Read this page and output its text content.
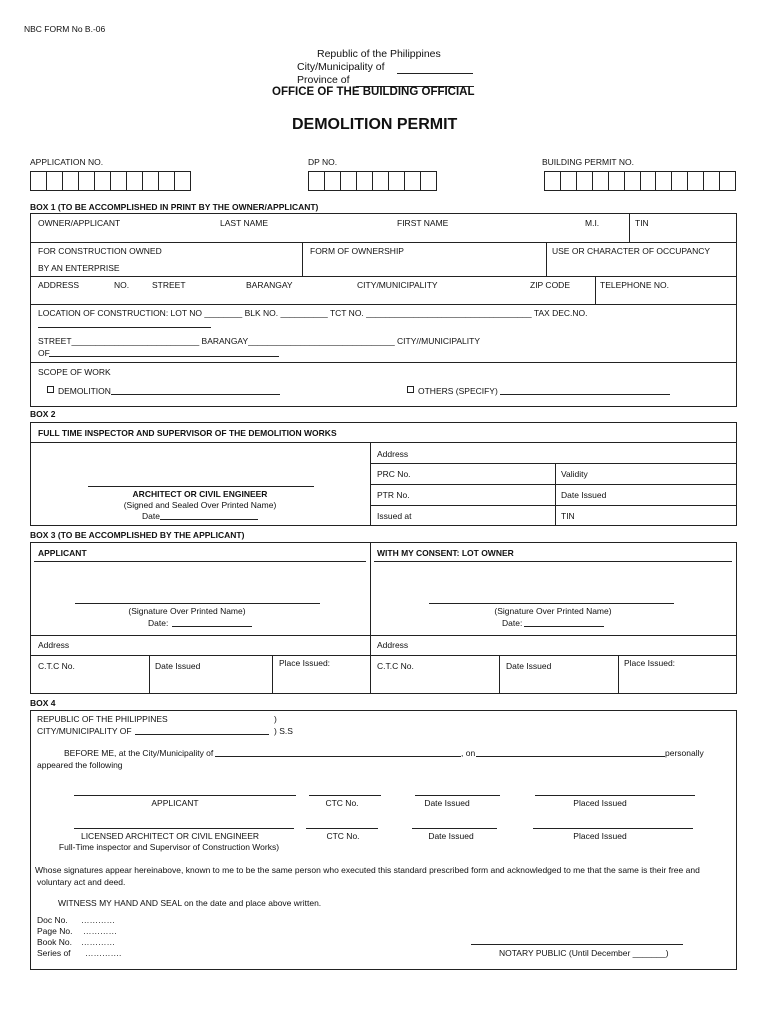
NBC FORM No B.-06
Republic of the Philippines
City/Municipality of
Province of
OFFICE OF THE BUILDING OFFICIAL
DEMOLITION PERMIT
APPLICATION NO.	DP NO.	BUILDING PERMIT NO.
BOX 1 (TO BE ACCOMPLISHED IN PRINT BY THE OWNER/APPLICANT)
OWNER/APPLICANT	LAST NAME	FIRST NAME	M.I.	TIN
FOR CONSTRUCTION OWNED
BY AN ENTERPRISE
FORM OF OWNERSHIP	USE OR CHARACTER OF OCCUPANCY
ADDRESS	NO.	STREET	BARANGAY	CITY/MUNICIPALITY	ZIP CODE	TELEPHONE NO.
LOCATION OF CONSTRUCTION: LOT NO ________ BLK NO. __________ TCT NO. ___________________________________ TAX DEC.NO.
STREET___________________________ BARANGAY_______________________________ CITY//MUNICIPALITY
OF
SCOPE OF WORK
DEMOLITION	OTHERS (SPECIFY)
BOX 2
FULL TIME INSPECTOR AND SUPERVISOR OF THE DEMOLITION WORKS
ARCHITECT OR CIVIL ENGINEER
(Signed and Sealed Over Printed Name)
Date
Address
PRC No.	Validity
PTR No.	Date Issued
Issued at	TIN
BOX 3 (TO BE ACCOMPLISHED BY THE APPLICANT)
APPLICANT	WITH MY CONSENT: LOT OWNER
(Signature Over Printed Name)
Date:
(Signature Over Printed Name)
Date:
Address	Address
C.T.C No.	Date Issued	Place Issued:	C.T.C No.	Date Issued	Place Issued:
BOX 4
REPUBLIC OF THE PHILIPPINES	)
CITY/MUNICIPALITY OF	) S.S
BEFORE ME, at the City/Municipality of	, on	personally
appeared the following
APPLICANT	CTC No.	Date Issued	Placed Issued
LICENSED ARCHITECT OR CIVIL ENGINEER
Full-Time inspector and Supervisor of Construction Works)
CTC No.	Date Issued	Placed Issued
Whose signatures appear hereinabove, known to me to be the same person who executed this standard prescribed form and acknowledged to me that the same is their free and
voluntary act and deed.
WITNESS MY HAND AND SEAL on the date and place above written.
Doc No. …………
Page No. …………
Book No. …………
Series of ………….	NOTARY PUBLIC (Until December _______)
